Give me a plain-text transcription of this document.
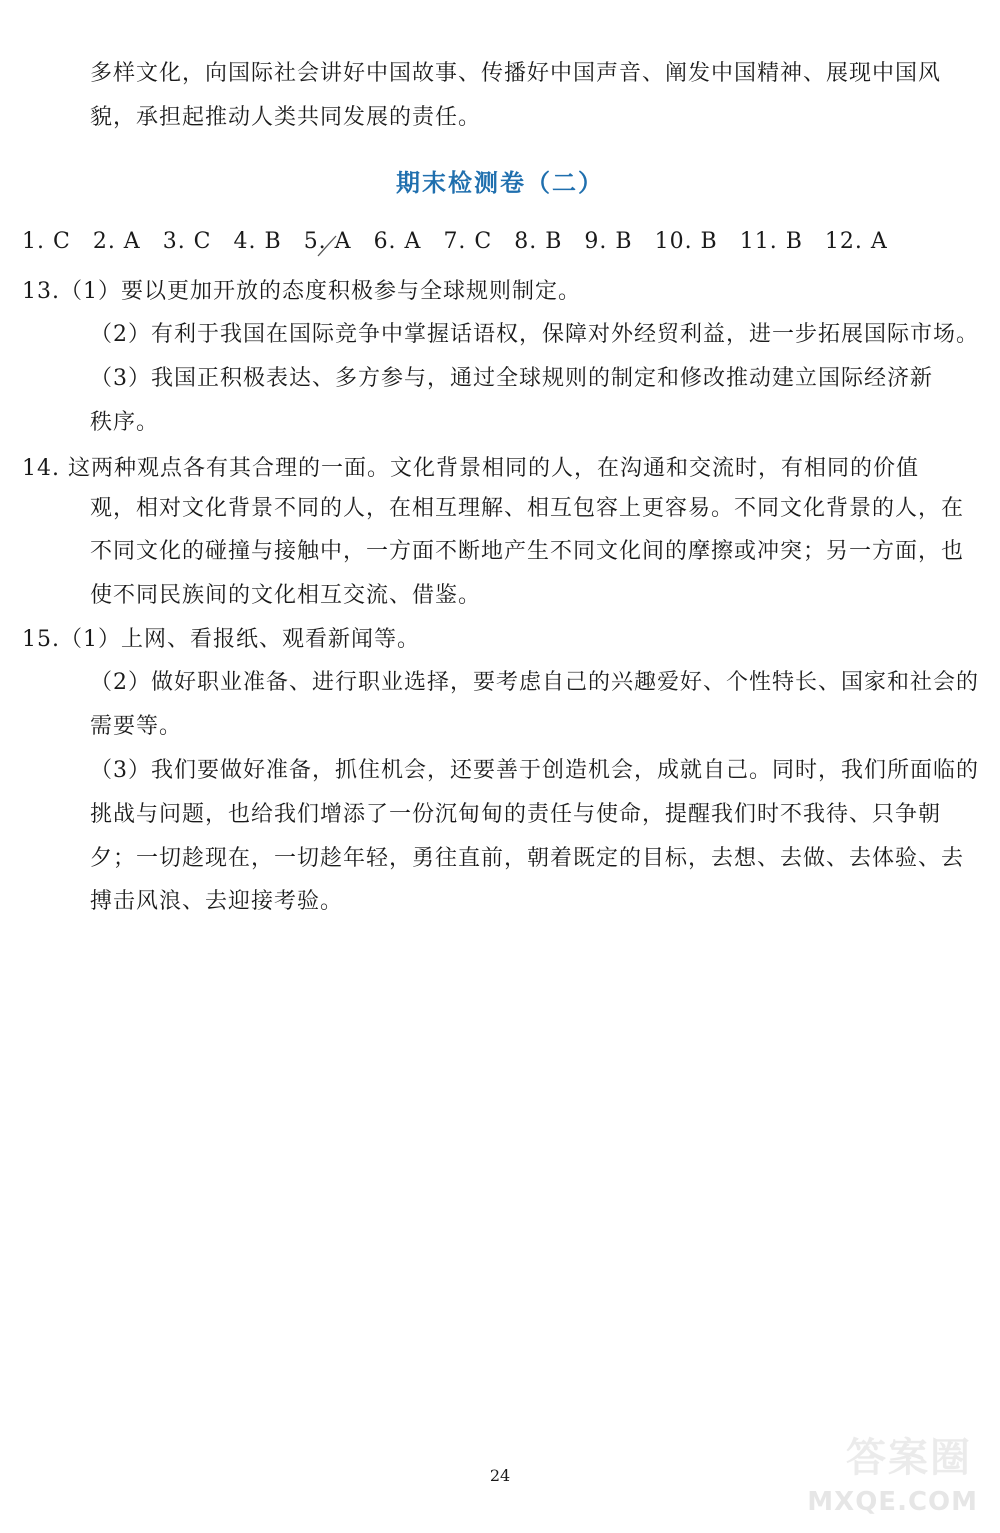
多样文化，向国际社会讲好中国故事、传播好中国声音、阐发中国精神、展现中国风
貌，承担起推动人类共同发展的责任。
期末检测卷（二）
1. C 2. A 3. C 4. B 5. A 6. A 7. C 8. B 9. B 10. B 11. B 12. A
13.（1）要以更加开放的态度积极参与全球规则制定。
（2）有利于我国在国际竞争中掌握话语权，保障对外经贸利益，进一步拓展国际市场。
（3）我国正积极表达、多方参与，通过全球规则的制定和修改推动建立国际经济新
秩序。
14. 这两种观点各有其合理的一面。文化背景相同的人，在沟通和交流时，有相同的价值
观，相对文化背景不同的人，在相互理解、相互包容上更容易。不同文化背景的人，在
不同文化的碰撞与接触中，一方面不断地产生不同文化间的摩擦或冲突；另一方面，也
使不同民族间的文化相互交流、借鉴。
15.（1）上网、看报纸、观看新闻等。
（2）做好职业准备、进行职业选择，要考虑自己的兴趣爱好、个性特长、国家和社会的
需要等。
（3）我们要做好准备，抓住机会，还要善于创造机会，成就自己。同时，我们所面临的
挑战与问题，也给我们增添了一份沉甸甸的责任与使命，提醒我们时不我待、只争朝
夕；一切趁现在，一切趁年轻，勇往直前，朝着既定的目标，去想、去做、去体验、去
搏击风浪、去迎接考验。
24	答案圈
MXQE.COM
